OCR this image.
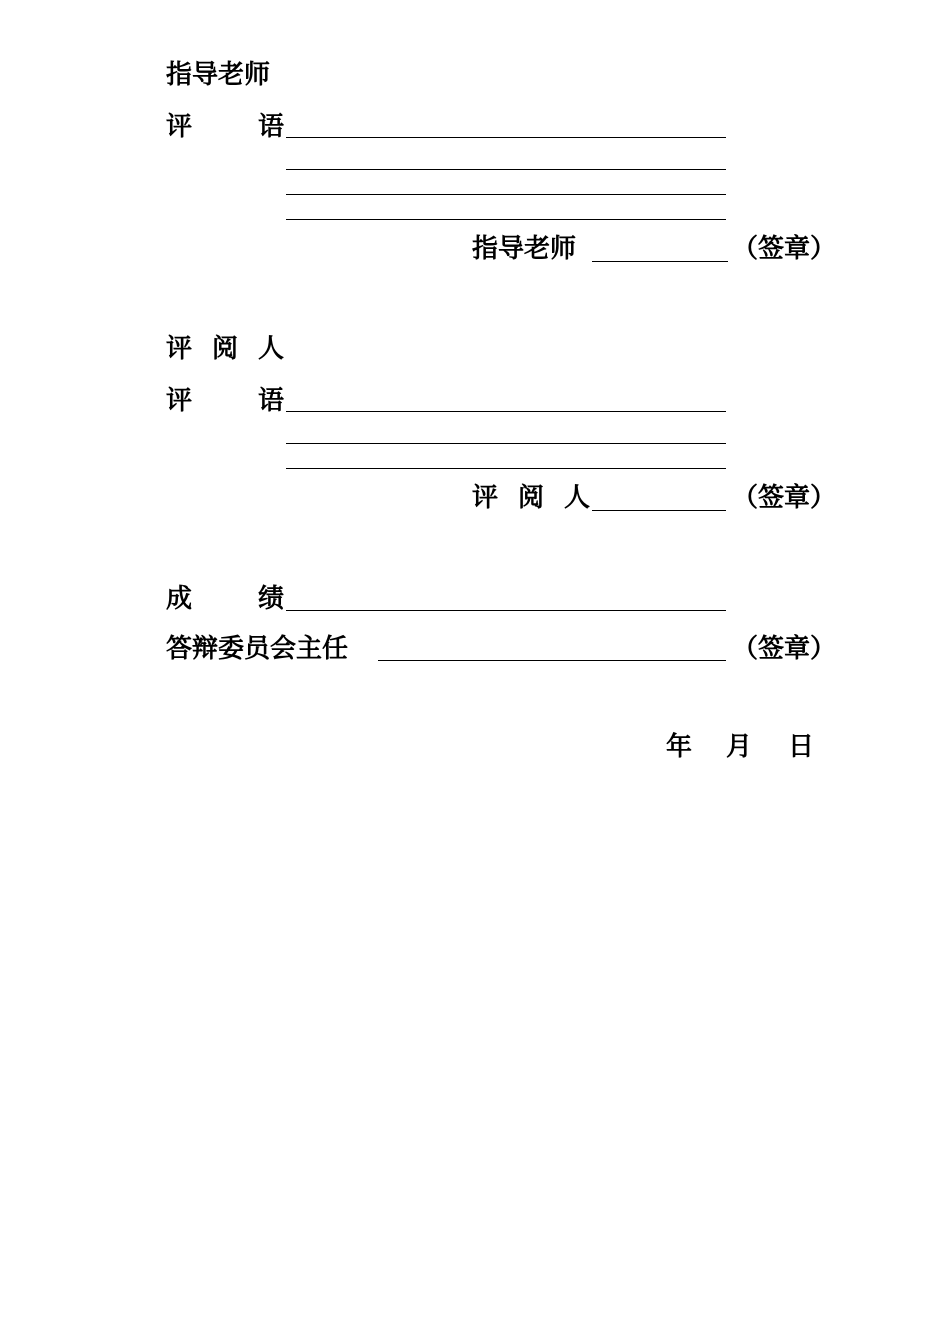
指导老师
评	语
指导老师	（签章）
评 阅 人
评	语
评 阅 人	（签章）
成	绩
答辩委员会主任	（签章）
年 月 日
